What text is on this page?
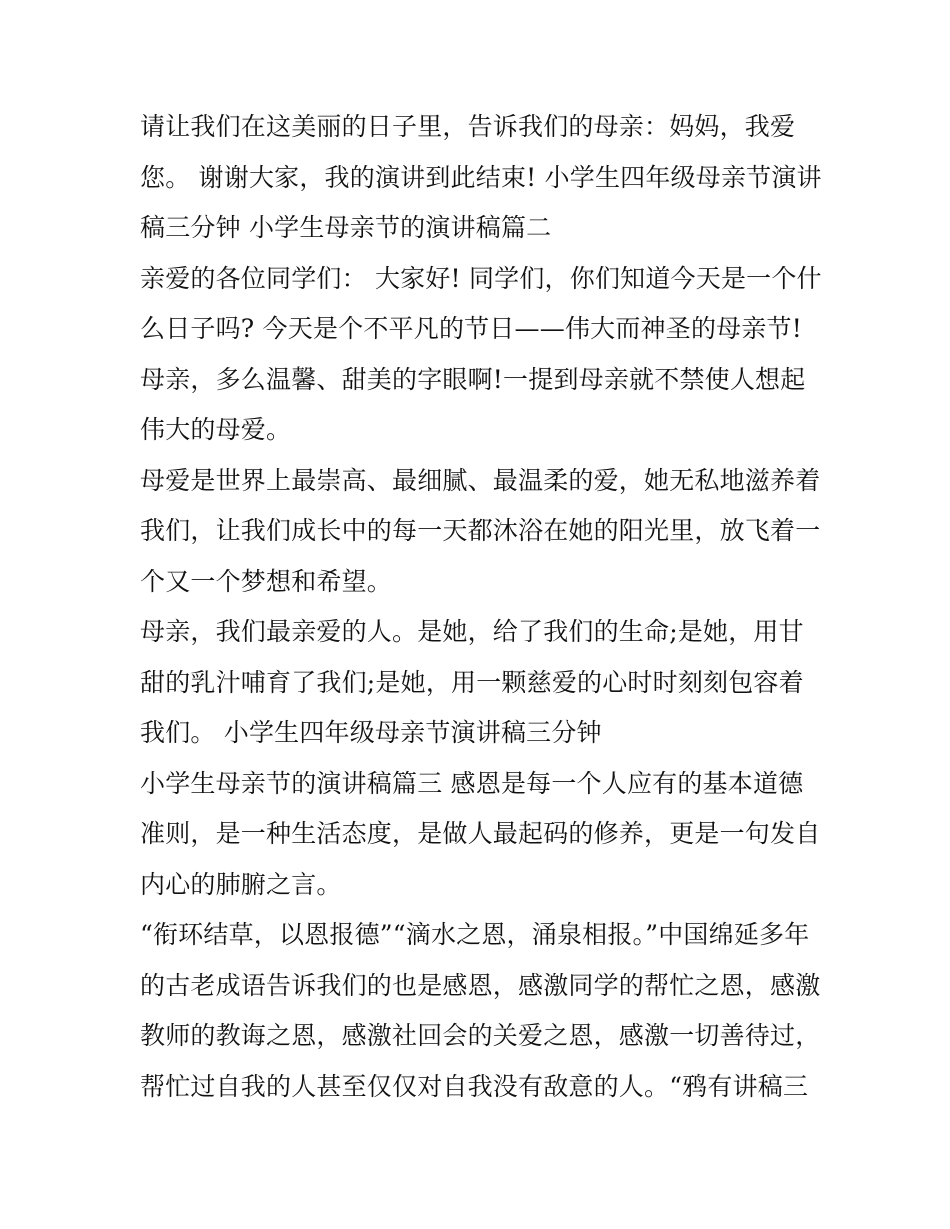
请让我们在这美丽的日子里，告诉我们的母亲：妈妈，我爱
您。 谢谢大家，我的演讲到此结束! 小学生四年级母亲节演讲
稿三分钟 小学生母亲节的演讲稿篇二
亲爱的各位同学们： 大家好! 同学们，你们知道今天是一个什
么日子吗? 今天是个不平凡的节日——伟大而神圣的母亲节!
母亲，多么温馨、甜美的字眼啊!一提到母亲就不禁使人想起
伟大的母爱。
母爱是世界上最崇高、最细腻、最温柔的爱，她无私地滋养着
我们，让我们成长中的每一天都沐浴在她的阳光里，放飞着一
个又一个梦想和希望。
母亲，我们最亲爱的人。是她，给了我们的生命;是她，用甘
甜的乳汁哺育了我们;是她，用一颗慈爱的心时时刻刻包容着
我们。 小学生四年级母亲节演讲稿三分钟
小学生母亲节的演讲稿篇三 感恩是每一个人应有的基本道德
准则，是一种生活态度，是做人最起码的修养，更是一句发自
内心的肺腑之言。
“衔环结草，以恩报德”“滴水之恩，涌泉相报。”中国绵延多年
的古老成语告诉我们的也是感恩，感激同学的帮忙之恩，感激
教师的教诲之恩，感激社回会的关爱之恩，感激一切善待过，
帮忙过自我的人甚至仅仅对自我没有敌意的人。“鸦有讲稿三
